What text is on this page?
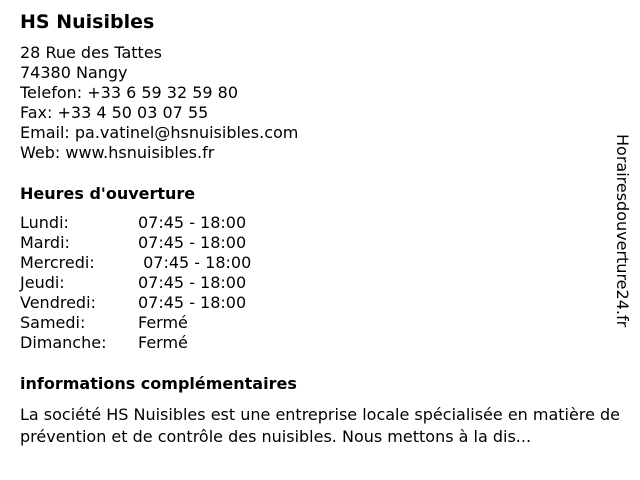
HS Nuisibles
28 Rue des Tattes
74380 Nangy
Telefon: +33 6 59 32 59 80
Fax: +33 4 50 03 07 55
Email: pa.vatinel@hsnuisibles.com
Web: www.hsnuisibles.fr
Heures d'ouverture
Lundi:	07:45 - 18:00
Mardi:	07:45 - 18:00
Mercredi:	07:45 - 18:00
Jeudi:	07:45 - 18:00
Vendredi:	07:45 - 18:00
Samedi:	Fermé
Dimanche:	Fermé
informations complémentaires
La société HS Nuisibles est une entreprise locale spécialisée en matière de prévention et de contrôle des nuisibles. Nous mettons à la dis...
Horairesdouverture24.fr
